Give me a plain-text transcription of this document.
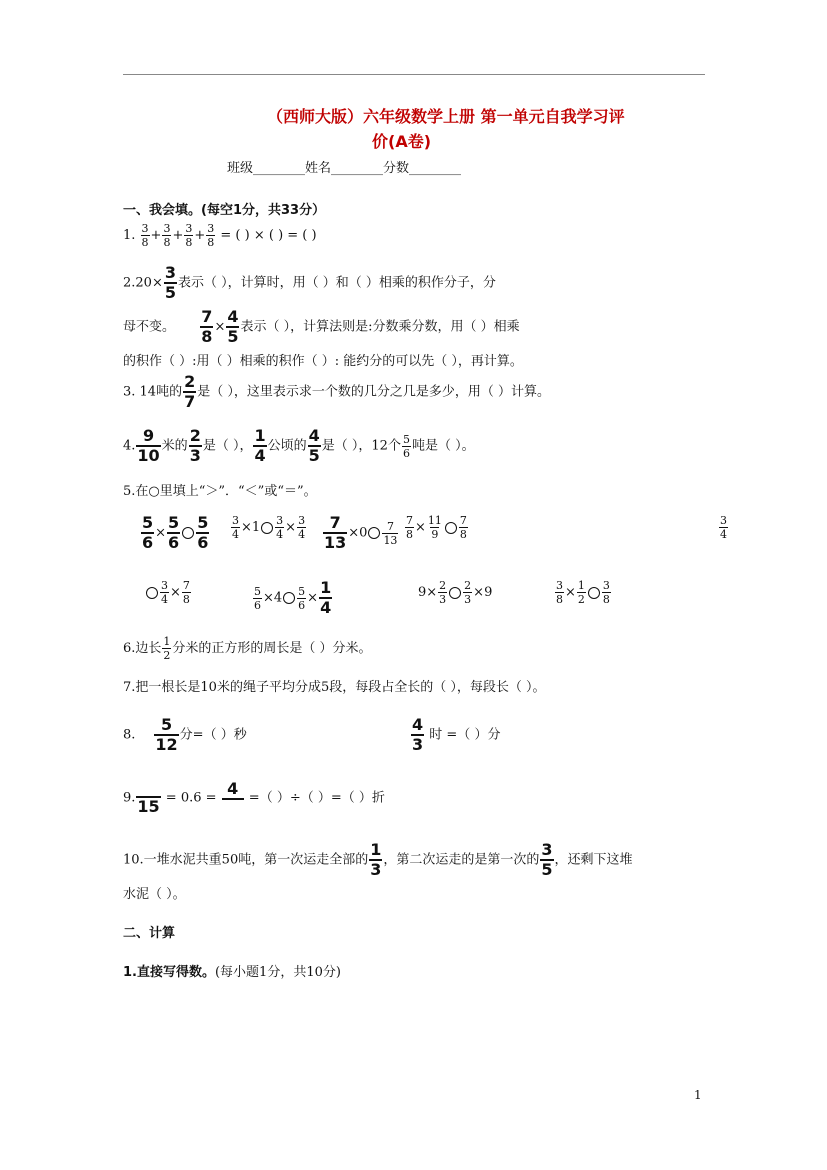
（西师大版）六年级数学上册 第一单元自我学习评
价(A卷)
班级________姓名________分数________
一、我会填。(每空1分，共33分）
1. $\frac{3}{8} + \frac{3}{8} + \frac{3}{8} + \frac{3}{8}$ = ( ) × ( ) = ( )
$2.20\times \frac{3}{5}$ 表示（ ），计算时，用（ ）和（ ）相乘的积作分子，分
母不变。 $\frac{7}{8} \times \frac{4}{5}$ 表示（ ），计算法则是:分数乘分数，用（ ）相乘
的积作（ ）:用（ ）相乘的积作（ ）: 能约分的可以先（ ），再计算。
3. 14吨的 $\frac{2}{7}$ 是（ ），这里表示求一个数的几分之几是多少，用（ ）计算。
4. $\frac{9}{10}$ 米的 $\frac{2}{3}$ 是（ ）， $\frac{1}{4}$ 公顷的 $\frac{4}{5}$ 是（ ），12个 $\frac{5}{6}$ 吨是（ ）。
5.在○里填上“＞”．“＜”或“＝”。
$\frac{5}{6} \times \frac{5}{6} \frac{5}{6} \frac{3}{4} \times 1 \frac{3}{4} \times \frac{3}{4} \frac{7}{13} \times 0 \frac{7}{13} \frac{7}{8} \times \frac{11}{9} \frac{7}{8}$	$\frac{3}{4}$
$\frac{3}{4} \times \frac{7}{8}$	$\frac{5}{6} \times 4 \frac{5}{6} \times \frac{1}{4}$	$9\times \frac{2}{3} \frac{2}{3} \times 9$	$\frac{3}{8} \times \frac{1}{2} \frac{3}{8}$
6.边长 $\frac{1}{2}$ 分米的正方形的周长是（ ）分米。
7.把一根长是10米的绳子平均分成5段，每段占全长的（ ），每段长（ ）。
8. $\frac{5}{12}$ 分=（ ）秒	$\frac{4}{3}$ 时 =（ ）分
9. 15 = 0.6 = 4 =（ ）÷（ ）=（ ）折
10.一堆水泥共重50吨，第一次运走全部的 $\frac{1}{3}$ ，第二次运走的是第一次的 $\frac{3}{5}$ ，还剩下这堆
水泥（ ）。
二、计算
1.直接写得数。(每小题1分，共10分)
1
